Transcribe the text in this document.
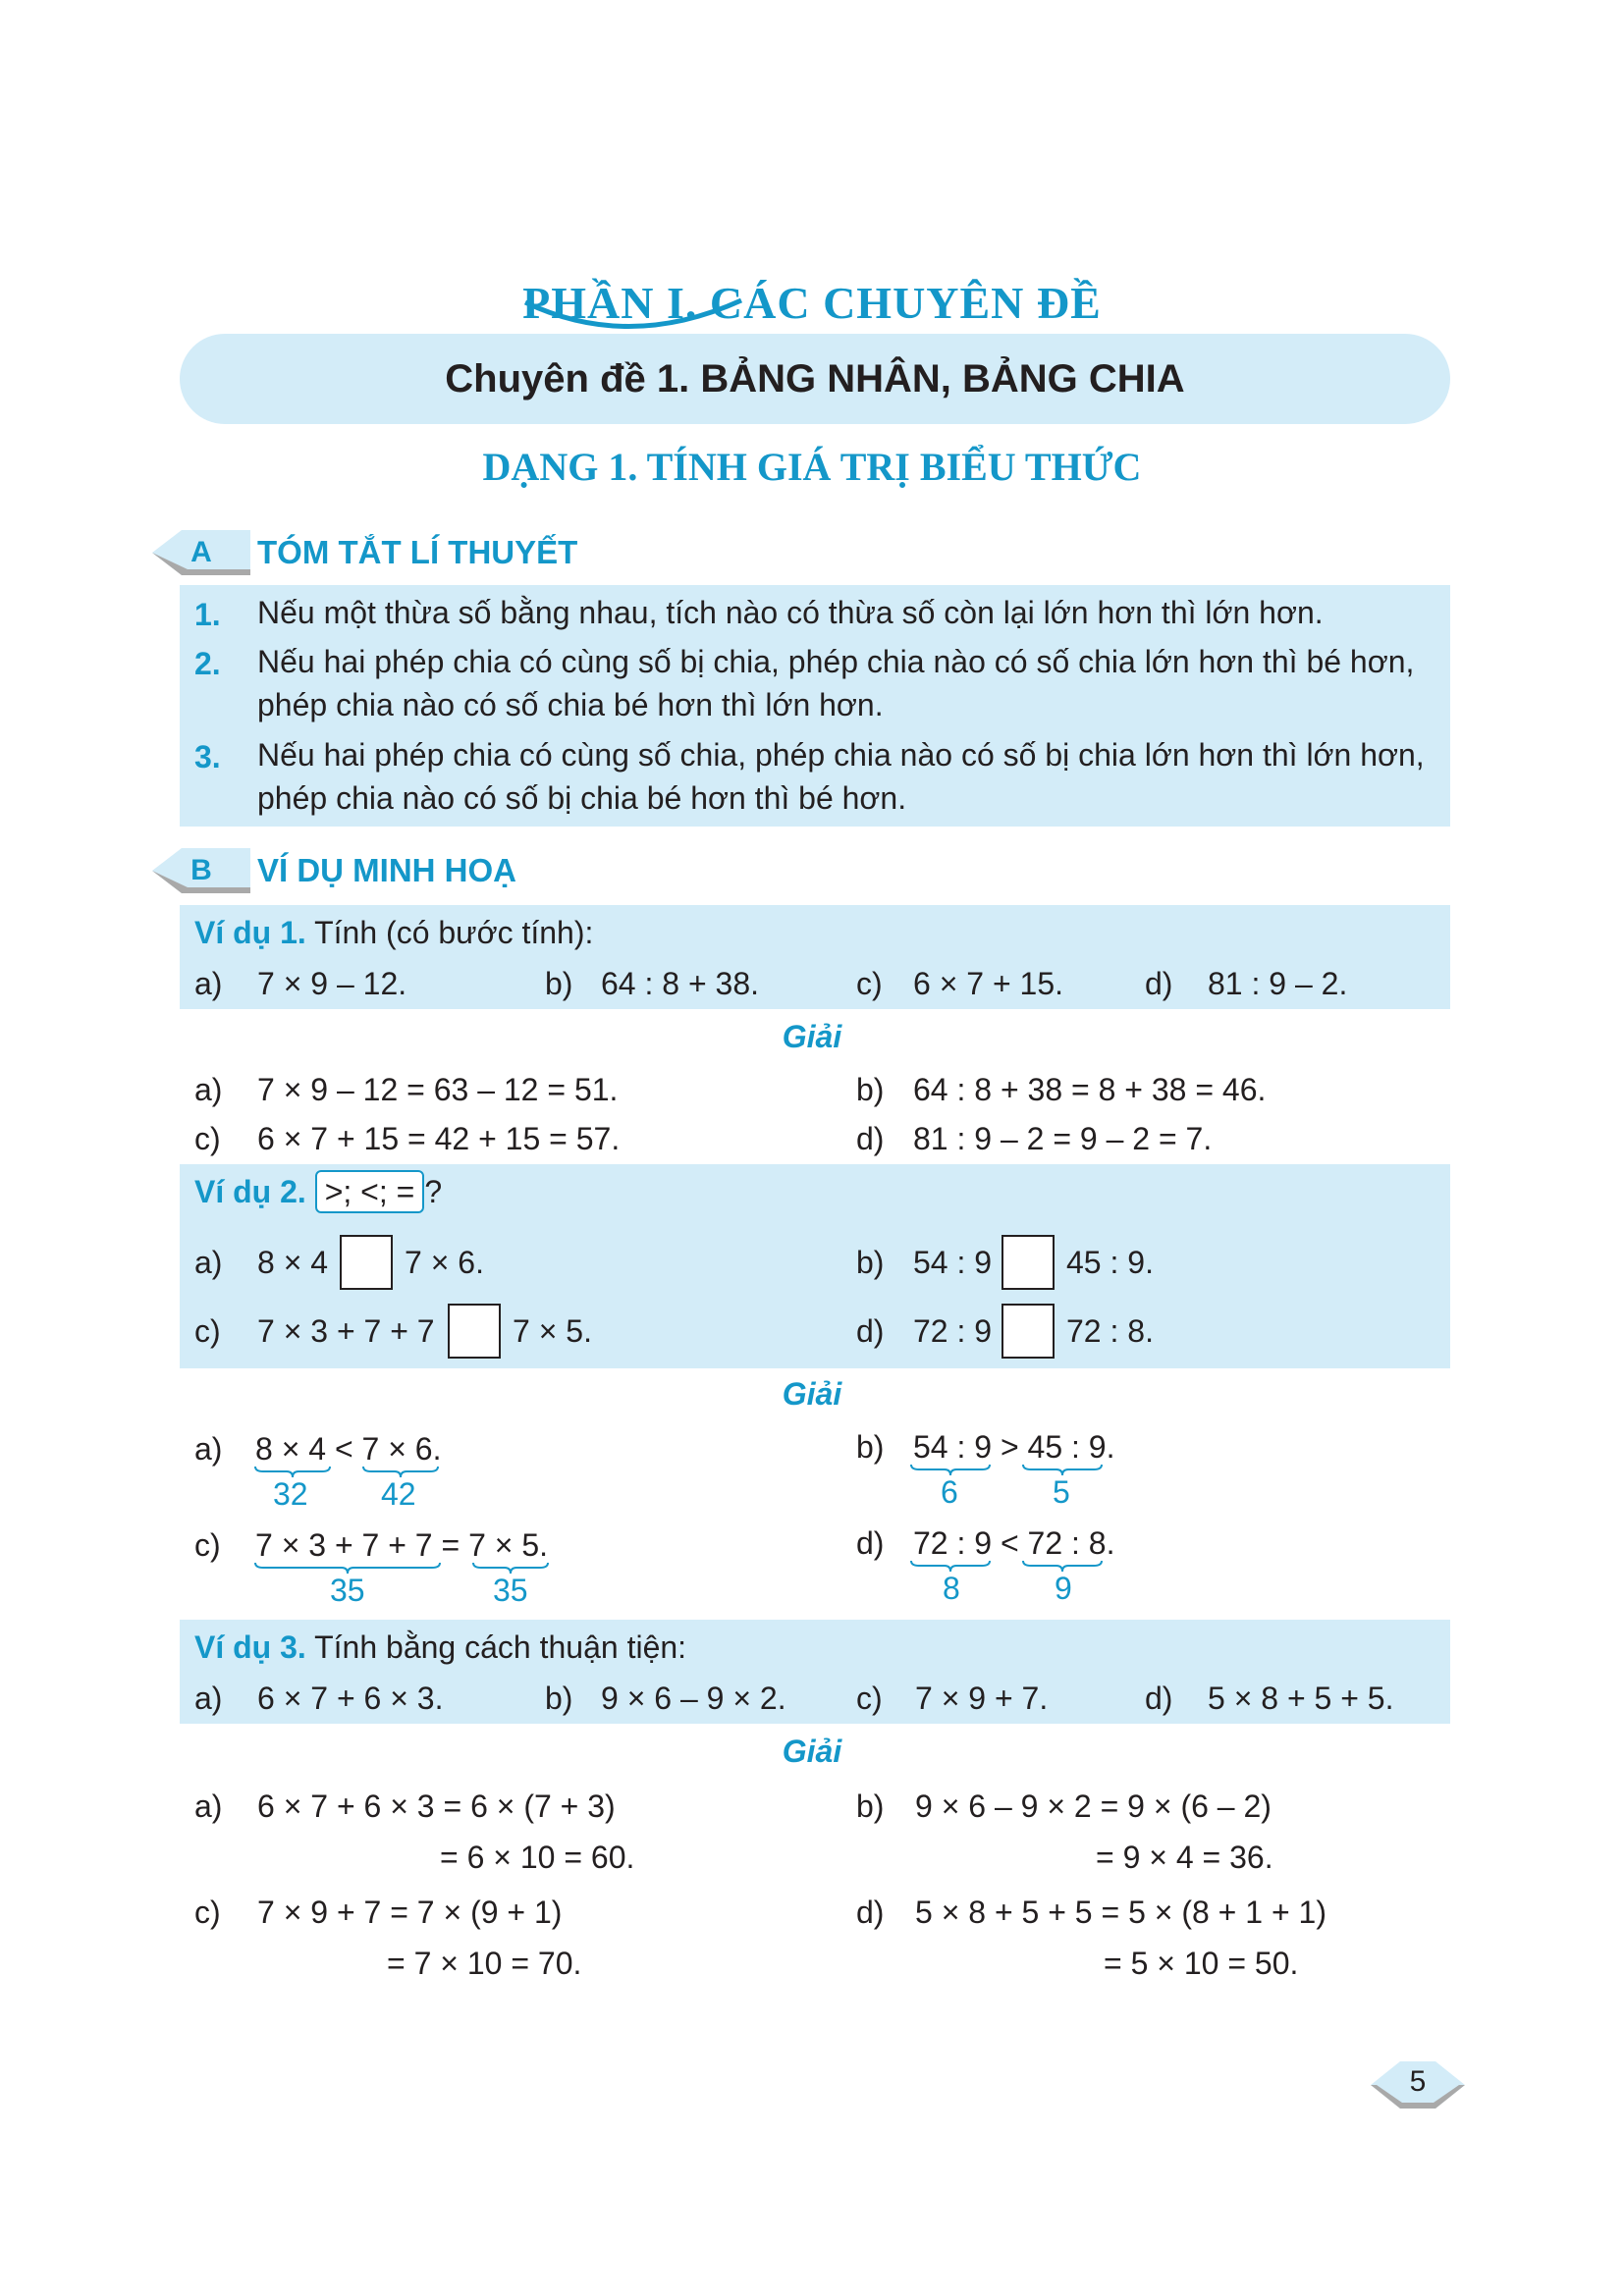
PHẦN I. CÁC CHUYÊN ĐỀ
Chuyên đề 1. BẢNG NHÂN, BẢNG CHIA
DẠNG 1. TÍNH GIÁ TRỊ BIỂU THỨC
A	TÓM TẮT LÍ THUYẾT
1. Nếu một thừa số bằng nhau, tích nào có thừa số còn lại lớn hơn thì lớn hơn.
2. Nếu hai phép chia có cùng số bị chia, phép chia nào có số chia lớn hơn thì bé hơn,
phép chia nào có số chia bé hơn thì lớn hơn.
3. Nếu hai phép chia có cùng số chia, phép chia nào có số bị chia lớn hơn thì lớn hơn,
phép chia nào có số bị chia bé hơn thì bé hơn.
B	VÍ DỤ MINH HOẠ
Ví dụ 1. Tính (có bước tính):
a) 7 × 9 – 12.	b) 64 : 8 + 38.	c) 6 × 7 + 15.	d) 81 : 9 – 2.
Giải
a) 7 × 9 – 12 = 63 – 12 = 51.	b) 64 : 8 + 38 = 8 + 38 = 46.
c) 6 × 7 + 15 = 42 + 15 = 57.	d) 81 : 9 – 2 = 9 – 2 = 7.
Ví dụ 2. >; <; = ?
a) 8 × 4 7 × 6.	b) 54 : 9 45 : 9.
c) 7 × 3 + 7 + 7 7 × 5.	d) 72 : 9 72 : 8.
Giải
a) 8 × 4 < 7 × 6.
32 42
b) 54 : 9 > 45 : 9.
6	5
c) 7 × 3 + 7 + 7 = 7 × 5.
35	35
d) 72 : 9 < 72 : 8.
8	9
Ví dụ 3. Tính bằng cách thuận tiện:
a) 6 × 7 + 6 × 3.	b) 9 × 6 – 9 × 2. c) 7 × 9 + 7.	d) 5 × 8 + 5 + 5.
Giải
a) 6 × 7 + 6 × 3 = 6 × (7 + 3)
= 6 × 10 = 60.
b) 9 × 6 – 9 × 2 = 9 × (6 – 2)
= 9 × 4 = 36.
c) 7 × 9 + 7 = 7 × (9 + 1)
= 7 × 10 = 70.
d) 5 × 8 + 5 + 5 = 5 × (8 + 1 + 1)
= 5 × 10 = 50.
5
